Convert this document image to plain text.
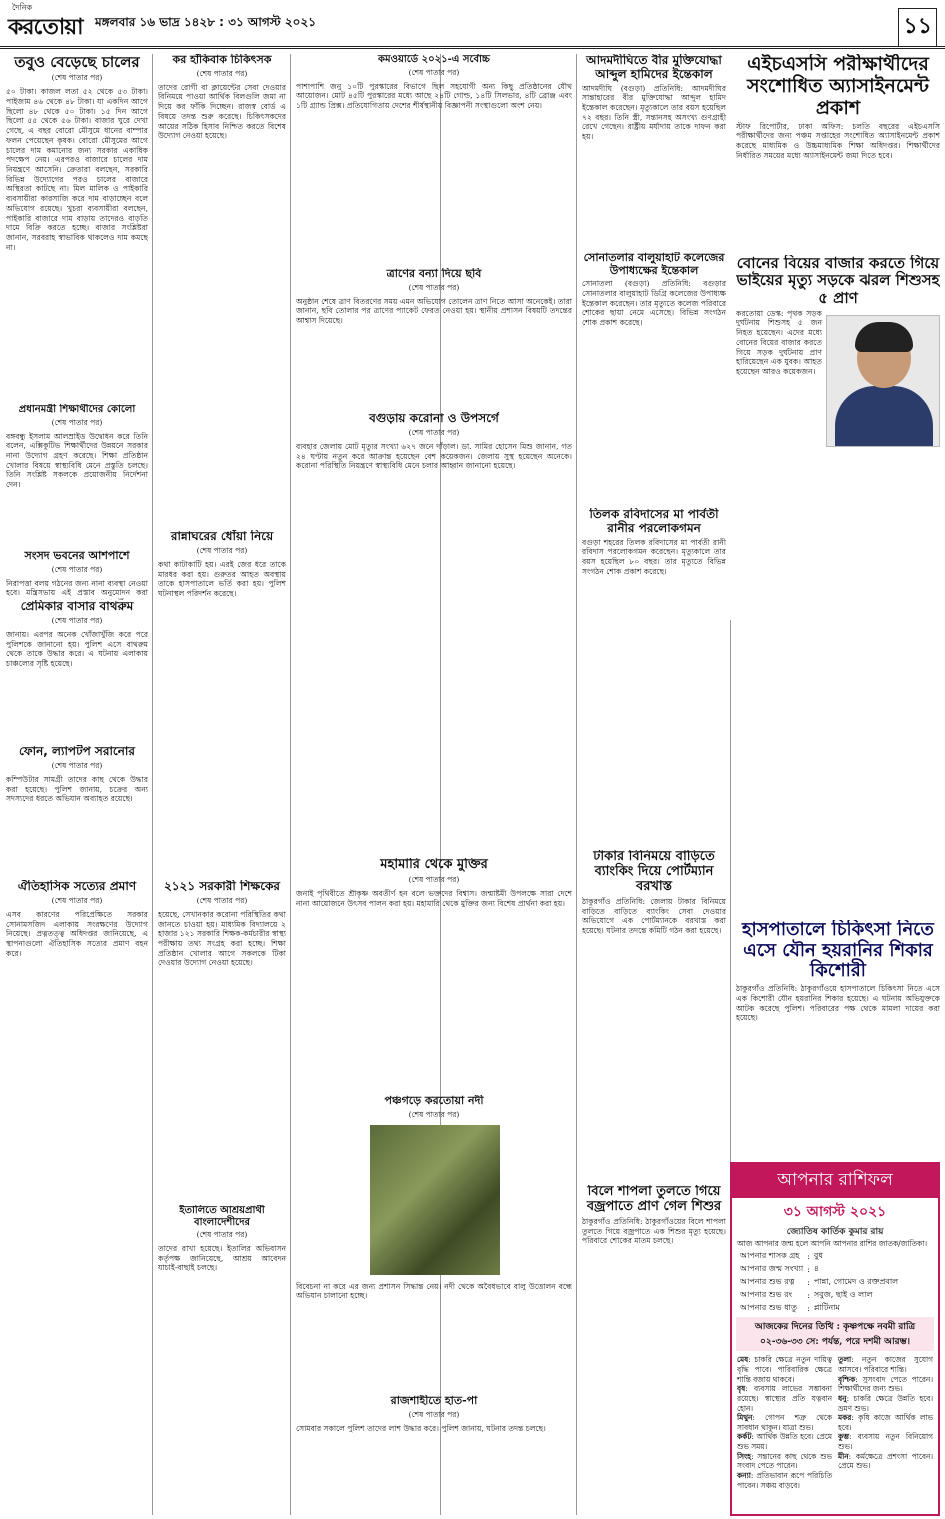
দৈনিক
করতোয়া মঙ্গলবার ১৬ ভাদ্র ১৪২৮ : ৩১ আগস্ট ২০২১	১১
তবুও বেড়েছে চালের
(শেষ পাতার পর)

৫০ টাকা। কাজল লতা ৫২ থেকে ৫৩ টাকা। পাইজাম ৪৬ থেকে ৪৮ টাকা। যা একদিন আগে ছিলো ৪৮ থেকে ৫০ টাকা। ১৫ দিন আগে ছিলো ৫৫ থেকে ৫৬ টাকা। বাজার ঘুরে দেখা গেছে, এ বছর বোরো মৌসুমে ধানের বাম্পার ফলন পেয়েছেন কৃষক। বোরো মৌসুমের আগে চালের দাম কমানোর জন্য সরকার একাধিক পদক্ষেপ নেয়। এরপরও বাজারে চালের দাম নিয়ন্ত্রণে আসেনি। ক্রেতারা বলছেন, সরকারি বিভিন্ন উদ্যোগের পরও চালের বাজারে অস্থিরতা কাটছে না। মিল মালিক ও পাইকারি ব্যবসায়ীরা কারসাজি করে দাম বাড়াচ্ছেন বলে অভিযোগ রয়েছে। খুচরা ব্যবসায়ীরা বলছেন, পাইকারি বাজারে দাম বাড়ায় তাদেরও বাড়তি দামে বিক্রি করতে হচ্ছে। বাজার সংশ্লিষ্টরা জানান, সরবরাহ স্বাভাবিক থাকলেও দাম কমছে না।

প্রধানমন্ত্রী শিক্ষার্থীদের কোলো
(শেষ পাতার পর)

বঙ্গবন্ধু ইসলাম আলম্রাইড উদ্বোধন করে তিনি বলেন, এক্সিকুটিভ শিক্ষার্থীদের উন্নয়নে সরকার নানা উদ্যোগ গ্রহণ করেছে। শিক্ষা প্রতিষ্ঠান খোলার বিষয়ে স্বাস্থ্যবিধি মেনে প্রস্তুতি চলছে। তিনি সংশ্লিষ্ট সকলকে প্রয়োজনীয় নির্দেশনা দেন।

সংসদ ভবনের আশপাশে
(শেষ পাতার পর)

নিরাপত্তা বলয় গঠনের জন্য নানা ব্যবস্থা নেওয়া হবে। মন্ত্রিসভায় এই প্রস্তাব অনুমোদন করা

প্রেমিকার বাসার বাথরুম
(শেষ পাতার পর)

জানায়। এরপর অনেক খোঁজাখুঁজি করে পরে পুলিশকে জানানো হয়। পুলিশ এসে বাথরুম থেকে তাকে উদ্ধার করে। এ ঘটনায় এলাকায় চাঞ্চল্যের সৃষ্টি হয়েছে।

ফোন, ল্যাপটপ সরানোর
(শেষ পাতার পর)

কম্পিউটার সামগ্রী তাদের কাছ থেকে উদ্ধার করা হয়েছে। পুলিশ জানায়, চক্রের অন্য সদস্যদের ধরতে অভিযান অব্যাহত রয়েছে।

ঐতিহাসিক সত্যের প্রমাণ
(শেষ পাতার পর)

এসব কারণের পরিপ্রেক্ষিতে সরকার সোনামসজিদ এলাকায় সংরক্ষণের উদ্যোগ নিয়েছে। প্রত্নতত্ত্ব অধিদপ্তর জানিয়েছে, এ স্থাপনাগুলো ঐতিহাসিক সত্যের প্রমাণ বহন করে।

কর হাঁকিবাক চিকিৎসক
(শেষ পাতার পর)

তাদের রোগী বা ক্লায়েন্টের সেবা দেওয়ার বিনিময়ে পাওয়া আর্থিক বিলগুলি জমা না দিয়ে কর ফাঁকি দিচ্ছেন। রাজস্ব বোর্ড এ বিষয়ে তদন্ত শুরু করেছে। চিকিৎসকদের আয়ের সঠিক হিসাব নিশ্চিত করতে বিশেষ উদ্যোগ নেওয়া হয়েছে।

রান্নাঘরের ধোঁয়া নিয়ে
(শেষ পাতার পর)

কথা কাটাকাটি হয়। এরই জের ধরে তাকে মারধর করা হয়। গুরুতর আহত অবস্থায় তাকে হাসপাতালে ভর্তি করা হয়। পুলিশ ঘটনাস্থল পরিদর্শন করেছে।

২১২১ সরকারী শিক্ষকের
(শেষ পাতার পর)

হয়েছে, সেখানকার করোনা পরিস্থিতির কথা জানতে চাওয়া হয়। মাধ্যমিক বিদ্যালয়ে ২ হাজার ১২১ সরকারি শিক্ষক-কর্মচারীর স্বাস্থ্য পরীক্ষায় তথ্য সংগ্রহ করা হচ্ছে। শিক্ষা প্রতিষ্ঠান খোলার আগে সকলকে টিকা দেওয়ার উদ্যোগ নেওয়া হয়েছে।

ইতালিতে আশ্রয়প্রার্থী বাংলাদেশীদের
(শেষ পাতার পর)

তাদের রাখা হয়েছে। ইতালির অভিবাসন কর্তৃপক্ষ জানিয়েছে, আশ্রয় আবেদন যাচাই-বাছাই চলছে।

কমওয়ার্ডে ২০২১-এ সর্বোচ্চ
(শেষ পাতার পর)

পাশাপাশি জনু ১০টি পুরস্কারের বিভাগে ছিল সহযোগী অন্য কিছু প্রতিষ্ঠানের যৌথ আয়োজন। মোট ৪৫টি পুরস্কারের মধ্যে আছে ২৪টি গোল্ড, ১৪টি সিলভার, ৪টি ব্রোঞ্জ এবং ১টি গ্র্যান্ড প্রিক্স। প্রতিযোগিতায় দেশের শীর্ষস্থানীয় বিজ্ঞাপনী সংস্থাগুলো অংশ নেয়।

ত্রাণের বন্যা দিয়ে ছবি
(শেষ পাতার পর)

অনুষ্ঠান শেষে ত্রাণ বিতরণের সময় এমন অভিযোগ তোলেন ত্রাণ নিতে আসা অনেকেই। তারা জানান, ছবি তোলার পর ত্রাণের প্যাকেট ফেরত নেওয়া হয়। স্থানীয় প্রশাসন বিষয়টি তদন্তের আশ্বাস দিয়েছে।

বগুড়ায় করোনা ও উপসর্গে
(শেষ পাতার পর)

ব্যবহার জেলায় মোট মৃত্যুর সংখ্যা ৬২৭ জনে দাঁড়াল। ডা. সামির হোসেন মিশু জানান, গত ২৪ ঘণ্টায় নতুন করে আক্রান্ত হয়েছেন বেশ কয়েকজন। জেলায় সুস্থ হয়েছেন অনেকে। করোনা পরিস্থিতি নিয়ন্ত্রণে স্বাস্থ্যবিধি মেনে চলার আহ্বান জানানো হয়েছে।

মহামারি থেকে মুক্তির
(শেষ পাতার পর)

জনাই পৃথিবীতে শ্রীকৃষ্ণ অবতীর্ণ হন বলে ভক্তদের বিশ্বাস। জন্মাষ্টমী উপলক্ষে সারা দেশে নানা আয়োজনে উৎসব পালন করা হয়। মহামারি থেকে মুক্তির জন্য বিশেষ প্রার্থনা করা হয়।

পঞ্চগড়ে করতোয়া নদী
(শেষ পাতার পর)

বিবেচনা না করে এর জন্য প্রশাসন সিদ্ধান্ত নেয়। নদী থেকে অবৈধভাবে বালু উত্তোলন বন্ধে অভিযান চালানো হচ্ছে।

রাজশাহীতে হাত-পা
(শেষ পাতার পর)

সোমবার সকালে পুলিশ তাদের লাশ উদ্ধার করে। পুলিশ জানায়, ঘটনার তদন্ত চলছে।

আদমদীঘিতে বীর মুক্তিযোদ্ধা আব্দুল হামিদের ইন্তেকাল

আদমদীঘি (বগুড়া) প্রতিনিধি: আদমদীঘির সান্তাহারের বীর মুক্তিযোদ্ধা আব্দুল হামিদ ইন্তেকাল করেছেন। মৃত্যুকালে তার বয়স হয়েছিল ৭২ বছর। তিনি স্ত্রী, সন্তানসহ অসংখ্য গুণগ্রাহী রেখে গেছেন। রাষ্ট্রীয় মর্যাদায় তাকে দাফন করা হয়।

সোনাতলার বালুয়াহাট কলেজের উপাধ্যক্ষের ইন্তেকাল

সোনাতলা (বগুড়া) প্রতিনিধি: বগুড়ার সোনাতলার বালুয়াহাট ডিগ্রি কলেজের উপাধ্যক্ষ ইন্তেকাল করেছেন। তার মৃত্যুতে কলেজ পরিবারে শোকের ছায়া নেমে এসেছে। বিভিন্ন সংগঠন শোক প্রকাশ করেছে।

তিলক রবিদাসের মা পার্বতী রানীর পরলোকগমন

বগুড়া শহরের তিলক রবিদাসের মা পার্বতী রানী রবিদাস পরলোকগমন করেছেন। মৃত্যুকালে তার বয়স হয়েছিল ৮০ বছর। তার মৃত্যুতে বিভিন্ন সংগঠন শোক প্রকাশ করেছে।

টাকার বিনিময়ে বাড়িতে ব্যাংকিং দিয়ে পোর্টম্যান বরখাস্ত

ঠাকুরগাঁও প্রতিনিধি: জেলায় টাকার বিনিময়ে বাড়িতে বাড়িতে ব্যাংকিং সেবা দেওয়ার অভিযোগে এক পোর্টম্যানকে বরখাস্ত করা হয়েছে। ঘটনার তদন্তে কমিটি গঠন করা হয়েছে।

বিলে শাপলা তুলতে গিয়ে বজ্রপাতে প্রাণ গেল শিশুর

ঠাকুরগাঁও প্রতিনিধি: ঠাকুরগাঁওয়ের বিলে শাপলা তুলতে গিয়ে বজ্রপাতে এক শিশুর মৃত্যু হয়েছে। পরিবারে শোকের মাতম চলছে।

এইচএসসি পরীক্ষার্থীদের সংশোধিত অ্যাসাইনমেন্ট প্রকাশ

স্টাফ রিপোর্টার, ঢাকা অফিস: চলতি বছরের এইচএসসি পরীক্ষার্থীদের জন্য পঞ্চম সপ্তাহের সংশোধিত অ্যাসাইনমেন্ট প্রকাশ করেছে মাধ্যমিক ও উচ্চমাধ্যমিক শিক্ষা অধিদপ্তর। শিক্ষার্থীদের নির্ধারিত সময়ের মধ্যে অ্যাসাইনমেন্ট জমা দিতে হবে।

বোনের বিয়ের বাজার করতে গিয়ে ভাইয়ের মৃত্যু সড়কে ঝরল শিশুসহ ৫ প্রাণ

করতোয়া ডেস্ক: পৃথক সড়ক দুর্ঘটনায় শিশুসহ ৫ জন নিহত হয়েছেন। এদের মধ্যে বোনের বিয়ের বাজার করতে গিয়ে সড়ক দুর্ঘটনায় প্রাণ হারিয়েছেন এক যুবক। আহত হয়েছেন আরও কয়েকজন।

হাসপাতালে চিকিৎসা নিতে এসে যৌন হয়রানির শিকার কিশোরী

ঠাকুরগাঁও প্রতিনিধি: ঠাকুরগাঁওয়ে হাসপাতালে চিকিৎসা নিতে এসে এক কিশোরী যৌন হয়রানির শিকার হয়েছে। এ ঘটনায় অভিযুক্তকে আটক করেছে পুলিশ। পরিবারের পক্ষ থেকে মামলা দায়ের করা হয়েছে।

আপনার রাশিফল
৩১ আগস্ট ২০২১
জ্যোতিষ কার্তিক কুমার রায়
আজ আপনার জন্ম হলে আপনি আপনার রাশির জাতক/জাতিকা।
আপনার শাসক গ্রহ	:	বুধ
আপনার জন্ম সংখ্যা	:	৪
আপনার শুভ রত্ন	:	পান্না, গোমেদ ও রক্তপ্রবাল
আপনার শুভ রং	:	সবুজ, ছাই ও লাল
আপনার শুভ ধাতু	:	প্লাটিনাম
আজকের দিনের তিথি : কৃষ্ণপক্ষে নবমী রাত্রি ০২-৩৬-৩৩ সে: পর্যন্ত, পরে দশমী আরম্ভ।
মেষ: চাকরি ক্ষেত্রে নতুন দায়িত্ব বৃদ্ধি পাবে। পারিবারিক ক্ষেত্রে শান্তি বজায় থাকবে।
বৃষ: ব্যবসায় লাভের সম্ভাবনা রয়েছে। স্বাস্থ্যের প্রতি যত্নবান হোন।
মিথুন: গোপন শত্রু থেকে সাবধান থাকুন। যাত্রা শুভ।
কর্কট: আর্থিক উন্নতি হবে। প্রেমে শুভ সময়।
সিংহ: সন্তানের কাছ থেকে শুভ সংবাদ পেতে পারেন।
কন্যা: প্রতিভাবান রূপে পরিচিতি পাবেন। সঞ্চয় বাড়বে।
তুলা: নতুন কাজের সুযোগ আসবে। পরিবারে শান্তি।
বৃশ্চিক: সুসংবাদ পেতে পারেন। শিক্ষার্থীদের জন্য শুভ।
ধনু: চাকরি ক্ষেত্রে উন্নতি হবে। ভ্রমণ শুভ।
মকর: কৃষি কাজে আর্থিক লাভ হবে।
কুম্ভ: ব্যবসায় নতুন বিনিয়োগ শুভ।
মীন: কর্মক্ষেত্রে প্রশংসা পাবেন। প্রেমে শুভ।
